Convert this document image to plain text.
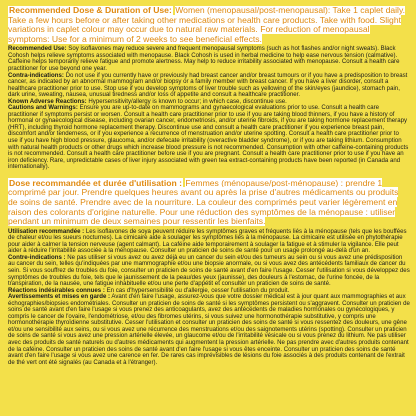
Recommended Dose & Duration of Use: Women (menopausal/post-menopausal): Take 1 caplet daily. Take a few hours before or after taking other medications or health care products. Take with food. Slight variations in caplet colour may occur due to natural raw materials. For reduction of menopausal symptoms: Use for a minimum of 2 weeks to see beneficial effects.

Recommended Use: Soy isoflavones may reduce severe and frequent menopausal symptoms (such as hot flashes and/or night sweats). Black Cohosh helps relieve symptoms associated with menopause. Black Cohosh is used in herbal medicine to help ease nervous tension (calmative). Caffeine helps temporarily relieve fatigue and promote alertness. May help to reduce irritability associated with menopause. Consult a health care practitioner for use beyond one year.

Contra-indications: Do not use if you currently have or previously had breast cancer and/or breast tumours or if you have a predisposition to breast cancer, as indicated by an abnormal mammogram and/or biopsy or a family member with breast cancer. If you have a liver disorder, consult a healthcare practitioner prior to use. Stop use if you develop symptoms of liver trouble such as yellowing of the skin/eyes (jaundice), stomach pain, dark urine, sweating, nausea, unusual tiredness and/or loss of appetite and consult a healthcare practitioner.

Known Adverse Reactions: Hypersensitivity/allergy is known to occur; in which case, discontinue use.

Cautions and Warnings: Ensure you are up-to-date on mammograms and gynaecological evaluations prior to use. Consult a health care practitioner if symptoms persist or worsen. Consult a health care practitioner prior to use if you are taking blood thinners, if you have a history of hormonal or gynaecological disease, including ovarian cancer, endometriosis, and/or uterine fibroids, if you are taking hormone replacement therapy (HRT), including thyroid hormone replacement therapy. Discontinue use and consult a health care practitioner if you experience breast pain, discomfort and/or tenderness, or if you experience a recurrence of menstruation and/or uterine spotting. Consult a health care practitioner prior to use if you have high blood pressure, glaucoma, and/or defecate irritability (overactive bladder syndrome), or if you are taking lithium. Consumption with natural health products or other drugs which increase blood pressure is not recommended. Consumption with other caffeine-containing products is not recommended. Consult a health care practitioner before use if you are pregnant. Consult a health care practitioner prior to use if you have an iron deficiency. Rare, unpredictable cases of liver injury associated with green tea extract-containing products have been reported (in Canada and internationally).

Dose recommandée et durée d'utilisation : Femmes (ménopause/post-ménopause) : prendre 1 comprimé par jour. Prendre quelques heures avant ou après la prise d'autres médicaments ou produits de soins de santé. Prendre avec de la nourriture. La couleur des comprimés peut varier légèrement en raison des colorants d'origine naturelle. Pour une réduction des symptômes de la ménopause : utiliser pendant un minimum de deux semaines pour ressentir les bienfaits.

Utilisation recommandée : Les isoflavones de soya peuvent réduire les symptômes graves et fréquents liés à la ménopause (tels que les bouffées de chaleur et/ou les sueurs nocturnes). La cimicaire aide à soulager les symptômes liés à la ménopause. La cimicaire est utilisée en phytothérapie pour aider à calmer la tension nerveuse (agent calmant). La caféine aide temporairement à soulager la fatigue et à stimuler la vigilance. Elle peut aider à réduire l'irritabilité associée à la ménopause. Consulter un praticien de soins de santé pour un usage prolongé au-delà d'un an.

Contre-indications : Ne pas utiliser si vous avez ou avez déjà eu un cancer du sein et/ou des tumeurs au sein ou si vous avez une prédisposition au cancer du sein, telles qu'indiquées par une mammographie et/ou une biopsie anormale, ou si vous avez des antécédents familiaux de cancer du sein. Si vous souffrez de troubles du foie, consulter un praticien de soins de santé avant d'en faire l'usage. Cesser l'utilisation si vous développez des symptômes de troubles du foie, tels que le jaunissement de la peau/des yeux (jaunisse), des douleurs à l'estomac, de l'urine foncée, de la transpiration, de la nausée, une fatigue inhabituelle et/ou une perte d'appétit et consulter un praticien de soins de santé.

Réactions indésirables connues : En cas d'hypersensibilité ou d'allergie, cesser l'utilisation du produit.

Avertissements et mises en garde : Avant d'en faire l'usage, assurez-vous que votre dossier médical est à jour quant aux mammographies et aux échographies/biopsies endométriales. Consulter un praticien de soins de santé si les symptômes persistent ou s'aggravent. Consulter un praticien de soins de santé avant d'en faire l'usage si vous prenez des anticoagulants, avez des antécédents de maladies hormonales ou gynécologiques, y compris le cancer de l'ovaire, l'endométriose, et/ou des fibromes utérins, si vous suivez une hormonothérapie substitutive, y compris une hormonothérapie thyroïdienne substitutive. Cesser l'utilisation et consulter un praticien des soins de santé si vous ressentez des douleurs, une gêne et/ou une sensibilité aux seins, ou si vous avez une récurrence des menstruations et/ou des saignotements utérins (spotting). Consulter un praticien de soins de santé si vous avez une pression artérielle élevée, un glaucome et/ou de l'irritabilité vésicale ou si vous prenez du lithium. Ne pas utiliser avec des produits de santé naturels ou d'autres médicaments qui augmentent la pression artérielle. Ne pas prendre avec d'autres produits contenant de la caféine. Consulter un praticien des soins de santé avant d'en faire l'usage si vous êtes enceinte. Consulter un praticien des soins de santé avant d'en faire l'usage si vous avez une carence en fer. De rares cas imprévisibles de lésions du foie associés à des produits contenant de l'extrait de thé vert ont été signalés (au Canada et à l'étranger).
